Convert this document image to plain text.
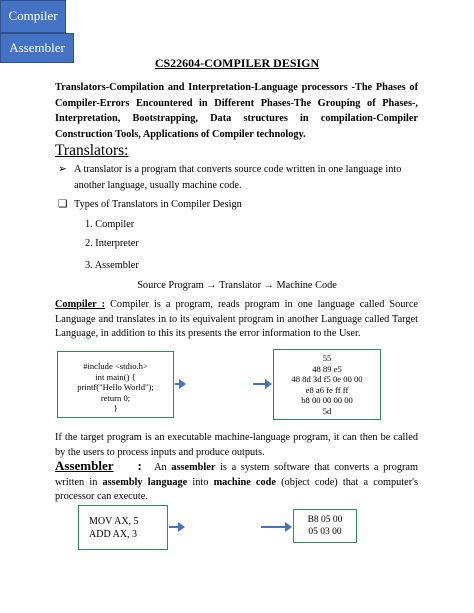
CS22604-COMPILER DESIGN
Translators-Compilation and Interpretation-Language processors -The Phases of Compiler-Errors Encountered in Different Phases-The Grouping of Phases-, Interpretation, Bootstrapping, Data structures in compilation-Compiler Construction Tools, Applications of Compiler technology.
Translators:
➢ A translator is a program that converts source code written in one language into another language, usually machine code.
❑ Types of Translators in Compiler Design
1. Compiler
2. Interpreter
3. Assembler
Source Program → Translator → Machine Code
Compiler : Compiler is a program, reads program in one language called Source Language and translates in to its equivalent program in another Language called Target Language, in addition to this its presents the error information to the User.
#include <stdio.h>
int main() {
printf("Hello World");
return 0;
}
Compiler
55
48 89 e5
48 8d 3d f5 0e 00 00
e8 a6 fe ff ff
b8 00 00 00 00
5d
If the target program is an executable machine-language program, it can then be called by the users to process inputs and produce outputs.
Assembler : An assembler is a system software that converts a program written in assembly language into machine code (object code) that a computer's processor can execute.
MOV AX, 5
ADD AX, 3
Assembler
B8 05 00
05 03 00
